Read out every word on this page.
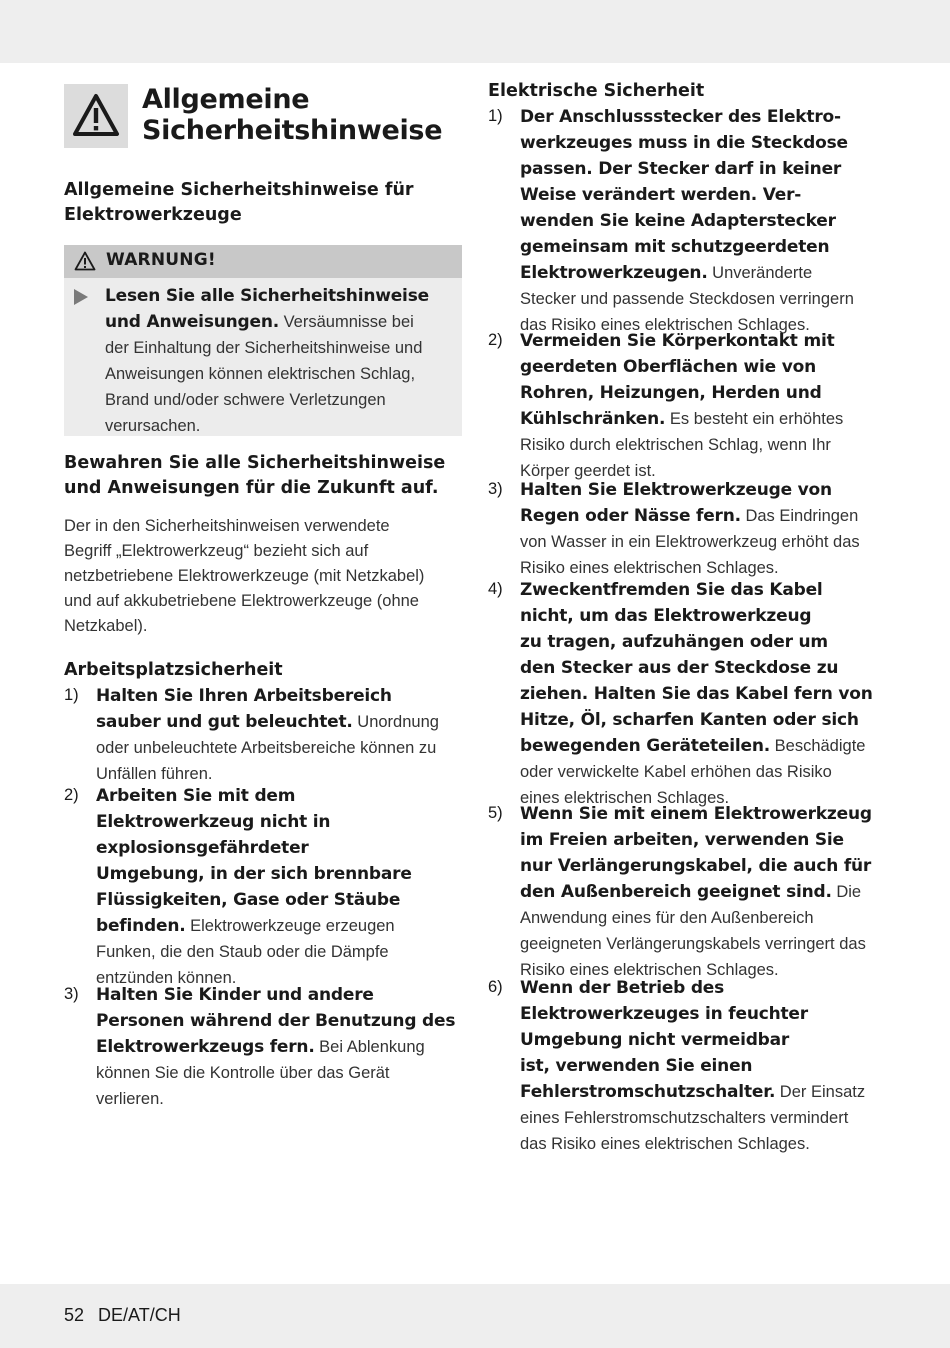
Allgemeine
Sicherheitshinweise

Allgemeine Sicherheitshinweise für

Elektrowerkzeuge

WARNUNG!
Lesen Sie alle Sicherheitshinweise
und Anweisungen. Versäumnisse bei
der Einhaltung der Sicherheitshinweise und
Anweisungen können elektrischen Schlag,
Brand und/oder schwere Verletzungen
verursachen.

Bewahren Sie alle Sicherheitshinweise

und Anweisungen für die Zukunft auf.

Der in den Sicherheitshinweisen verwendete

Begriff „Elektrowerkzeug“ bezieht sich auf

netzbetriebene Elektrowerkzeuge (mit Netzkabel)

und auf akkubetriebene Elektrowerkzeuge (ohne

Netzkabel).

Arbeitsplatzsicherheit

1) Halten Sie Ihren Arbeitsbereich
sauber und gut beleuchtet. Unordnung
oder unbeleuchtete Arbeitsbereiche können zu
Unfällen führen.
2) Arbeiten Sie mit dem
Elektrowerkzeug nicht in
explosionsgefährdeter
Umgebung, in der sich brennbare
Flüssigkeiten, Gase oder Stäube
befinden. Elektrowerkzeuge erzeugen
Funken, die den Staub oder die Dämpfe
entzünden können.
3) Halten Sie Kinder und andere
Personen während der Benutzung des
Elektrowerkzeugs fern. Bei Ablenkung
können Sie die Kontrolle über das Gerät
verlieren.

Elektrische Sicherheit

1) Der Anschlussstecker des Elektro-
werkzeuges muss in die Steckdose
passen. Der Stecker darf in keiner
Weise verändert werden. Ver-
wenden Sie keine Adapterstecker
gemeinsam mit schutzgeerdeten
Elektrowerkzeugen. Unveränderte
Stecker und passende Steckdosen verringern
das Risiko eines elektrischen Schlages.
2) Vermeiden Sie Körperkontakt mit
geerdeten Oberflächen wie von
Rohren, Heizungen, Herden und
Kühlschränken. Es besteht ein erhöhtes
Risiko durch elektrischen Schlag, wenn Ihr
Körper geerdet ist.
3) Halten Sie Elektrowerkzeuge von
Regen oder Nässe fern. Das Eindringen
von Wasser in ein Elektrowerkzeug erhöht das
Risiko eines elektrischen Schlages.
4) Zweckentfremden Sie das Kabel
nicht, um das Elektrowerkzeug
zu tragen, aufzuhängen oder um
den Stecker aus der Steckdose zu
ziehen. Halten Sie das Kabel fern von
Hitze, Öl, scharfen Kanten oder sich
bewegenden Geräteteilen. Beschädigte
oder verwickelte Kabel erhöhen das Risiko
eines elektrischen Schlages.
5) Wenn Sie mit einem Elektrowerkzeug
im Freien arbeiten, verwenden Sie
nur Verlängerungskabel, die auch für
den Außenbereich geeignet sind. Die
Anwendung eines für den Außenbereich
geeigneten Verlängerungskabels verringert das
Risiko eines elektrischen Schlages.
6) Wenn der Betrieb des
Elektrowerkzeuges in feuchter
Umgebung nicht vermeidbar
ist, verwenden Sie einen
Fehlerstromschutzschalter. Der Einsatz
eines Fehlerstromschutzschalters vermindert
das Risiko eines elektrischen Schlages.
52 DE/AT/CH
